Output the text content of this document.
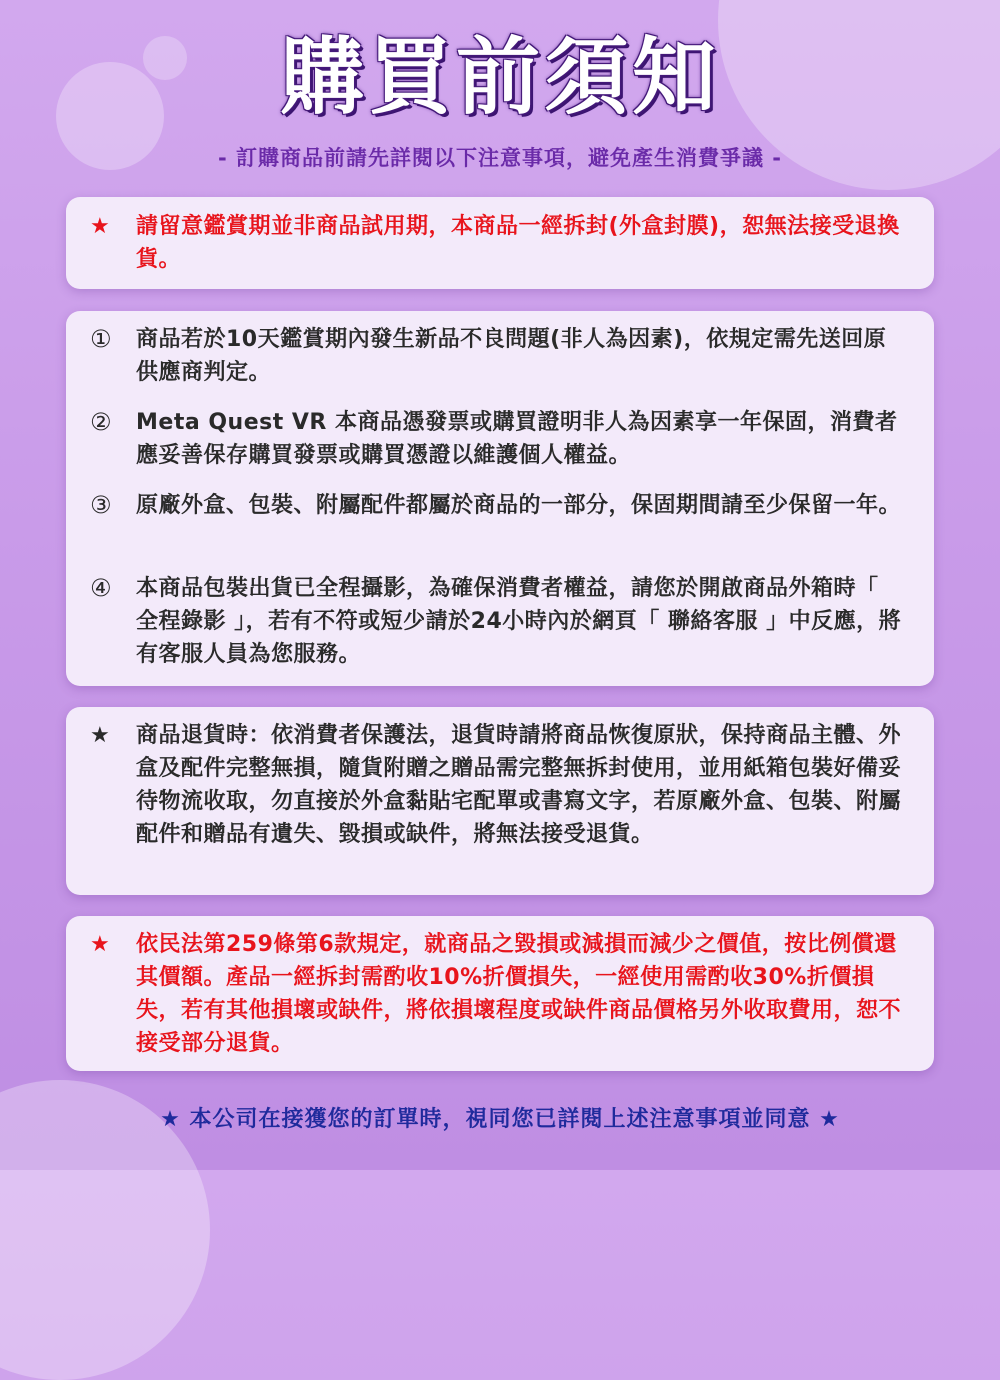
購買前須知
- 訂購商品前請先詳閱以下注意事項，避免產生消費爭議 -
★	請留意鑑賞期並非商品試用期，本商品一經拆封(外盒封膜)，恕無法接受退換貨。
①	商品若於10天鑑賞期內發生新品不良問題(非人為因素)，依規定需先送回原供應商判定。
②	Meta Quest VR 本商品憑發票或購買證明非人為因素享一年保固，消費者應妥善保存購買發票或購買憑證以維護個人權益。
③	原廠外盒、包裝、附屬配件都屬於商品的一部分，保固期間請至少保留一年。
④	本商品包裝出貨已全程攝影，為確保消費者權益，請您於開啟商品外箱時「 全程錄影 」，若有不符或短少請於24小時內於網頁「 聯絡客服 」中反應，將有客服人員為您服務。
★	商品退貨時：依消費者保護法，退貨時請將商品恢復原狀，保持商品主體、外盒及配件完整無損，隨貨附贈之贈品需完整無拆封使用，並用紙箱包裝好備妥待物流收取，勿直接於外盒黏貼宅配單或書寫文字，若原廠外盒、包裝、附屬配件和贈品有遺失、毀損或缺件，將無法接受退貨。
★	依民法第259條第6款規定，就商品之毀損或減損而減少之價值，按比例償還其價額。產品一經拆封需酌收10%折價損失，一經使用需酌收30%折價損失，若有其他損壞或缺件，將依損壞程度或缺件商品價格另外收取費用，恕不接受部分退貨。
★ 本公司在接獲您的訂單時，視同您已詳閱上述注意事項並同意 ★
